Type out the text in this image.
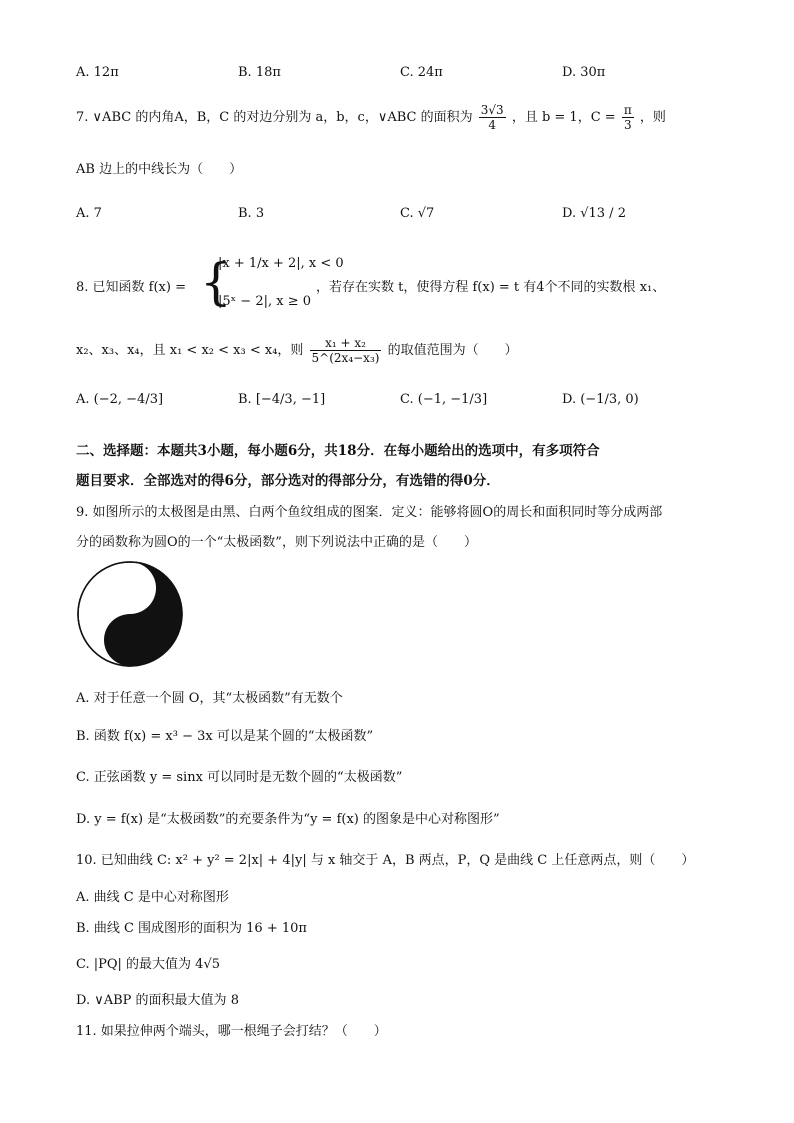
A. 12π	B. 18π	C. 24π	D. 30π
7. ∨ABC 的内角A，B，C 的对边分别为 a，b，c，∨ABC 的面积为 $\frac{3√3}{4}$ ，且 b = 1，$C = \frac{\pi}{3}$ ，则
AB 边上的中线长为（　　）
A. 7	B. 3	C. √7	D. √13 / 2
8. 已知函数 f(x) = {
|x + 1/x + 2|, x < 0
|5ˣ − 2|, x ≥ 0
，若存在实数 t，使得方程 f(x) = t 有4个不同的实数根 x₁、
x₂、x₃、x₄，且 x₁ < x₂ < x₃ < x₄，则 $\frac{\text{x₁ + x₂}}{\text{5\textasciicircum{}(2x₄−x₃)}}$ 的取值范围为（　　）
A. (−2, −4/3]	B. [−4/3, −1]	C. (−1, −1/3]	D. (−1/3, 0)
二、选择题：本题共3小题，每小题6分，共18分．在每小题给出的选项中，有多项符合
题目要求．全部选对的得6分，部分选对的得部分分，有选错的得0分．
9. 如图所示的太极图是由黑、白两个鱼纹组成的图案．定义：能够将圆O的周长和面积同时等分成两部
分的函数称为圆O的一个“太极函数”，则下列说法中正确的是（　　）
A. 对于任意一个圆 O，其“太极函数”有无数个
B. 函数 f(x) = x³ − 3x 可以是某个圆的“太极函数”
C. 正弦函数 y = sinx 可以同时是无数个圆的“太极函数”
D. y = f(x) 是“太极函数”的充要条件为“y = f(x) 的图象是中心对称图形”
10. 已知曲线 C: x² + y² = 2|x| + 4|y| 与 x 轴交于 A，B 两点，P，Q 是曲线 C 上任意两点，则（　　）
A. 曲线 C 是中心对称图形
B. 曲线 C 围成图形的面积为 16 + 10π
C. |PQ| 的最大值为 4√5
D. ∨ABP 的面积最大值为 8
11. 如果拉伸两个端头，哪一根绳子会打结？（　　）
